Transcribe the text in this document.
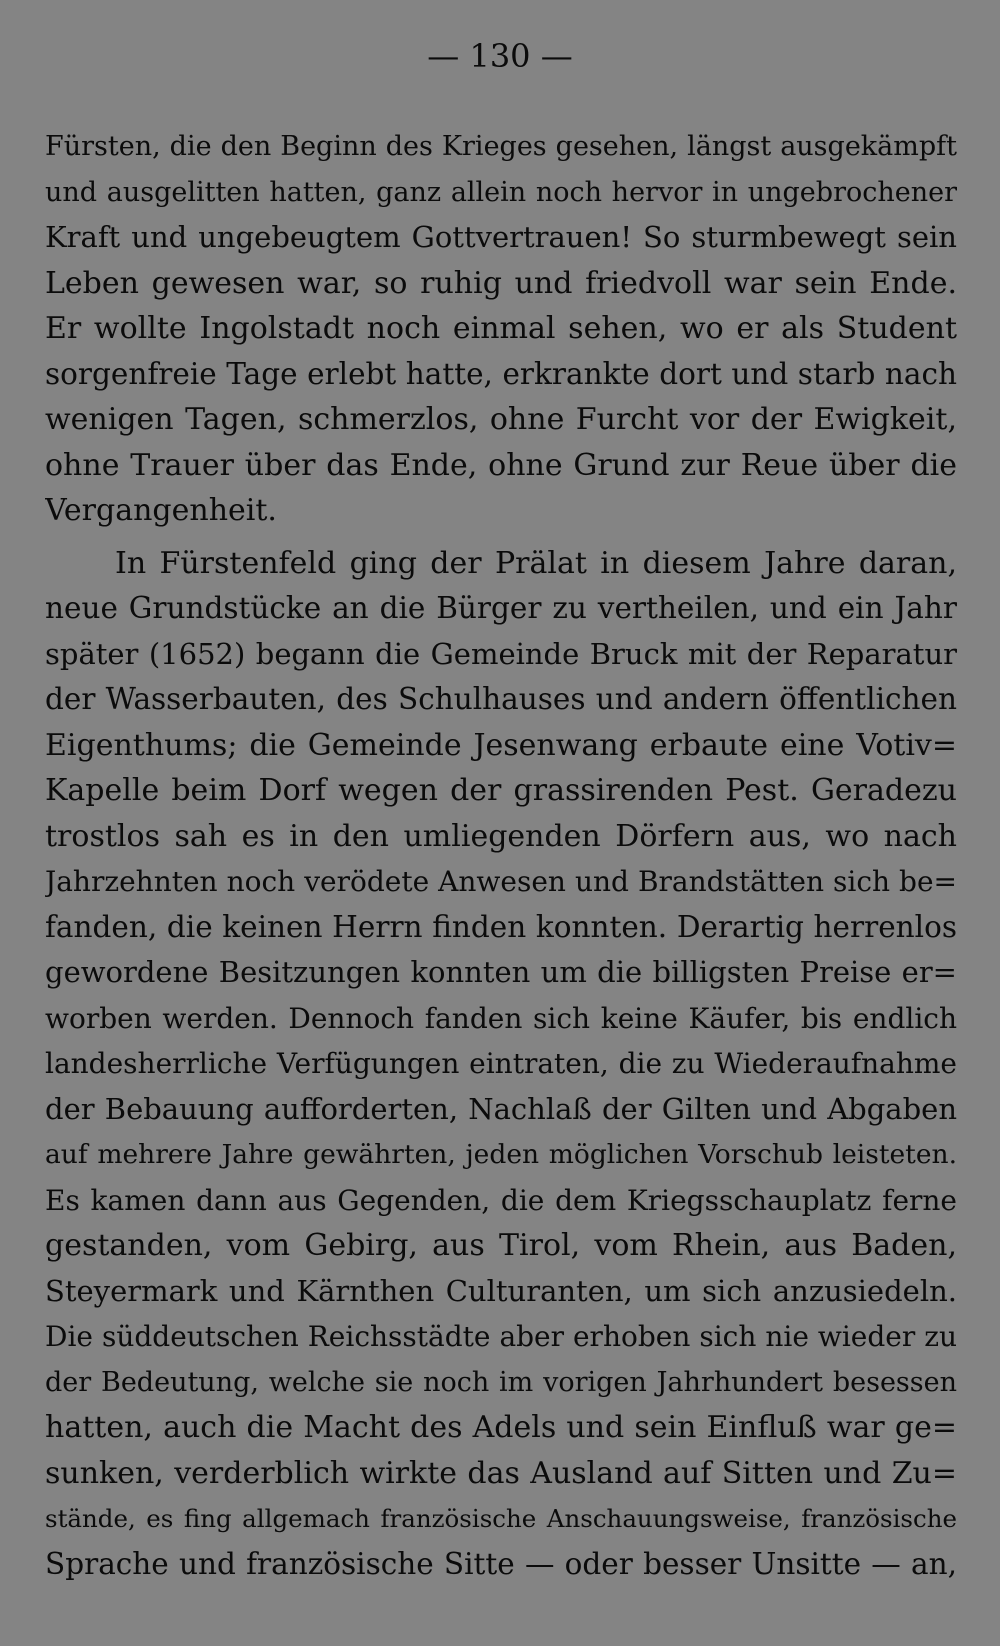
— 130 —
Fürsten, die den Beginn des Krieges gesehen, längst ausgekämpft
und ausgelitten hatten, ganz allein noch hervor in ungebrochener
Kraft und ungebeugtem Gottvertrauen! So sturmbewegt sein
Leben gewesen war, so ruhig und friedvoll war sein Ende.
Er wollte Ingolstadt noch einmal sehen, wo er als Student
sorgenfreie Tage erlebt hatte, erkrankte dort und starb nach
wenigen Tagen, schmerzlos, ohne Furcht vor der Ewigkeit,
ohne Trauer über das Ende, ohne Grund zur Reue über die
Vergangenheit.
In Fürstenfeld ging der Prälat in diesem Jahre daran,
neue Grundstücke an die Bürger zu vertheilen, und ein Jahr
später (1652) begann die Gemeinde Bruck mit der Reparatur
der Wasserbauten, des Schulhauses und andern öffentlichen
Eigenthums; die Gemeinde Jesenwang erbaute eine Votiv=
Kapelle beim Dorf wegen der grassirenden Pest. Geradezu
trostlos sah es in den umliegenden Dörfern aus, wo nach
Jahrzehnten noch verödete Anwesen und Brandstätten sich be=
fanden, die keinen Herrn finden konnten. Derartig herrenlos
gewordene Besitzungen konnten um die billigsten Preise er=
worben werden. Dennoch fanden sich keine Käufer, bis endlich
landesherrliche Verfügungen eintraten, die zu Wiederaufnahme
der Bebauung aufforderten, Nachlaß der Gilten und Abgaben
auf mehrere Jahre gewährten, jeden möglichen Vorschub leisteten.
Es kamen dann aus Gegenden, die dem Kriegsschauplatz ferne
gestanden, vom Gebirg, aus Tirol, vom Rhein, aus Baden,
Steyermark und Kärnthen Culturanten, um sich anzusiedeln.
Die süddeutschen Reichsstädte aber erhoben sich nie wieder zu
der Bedeutung, welche sie noch im vorigen Jahrhundert besessen
hatten, auch die Macht des Adels und sein Einfluß war ge=
sunken, verderblich wirkte das Ausland auf Sitten und Zu=
stände, es fing allgemach französische Anschauungsweise, französische
Sprache und französische Sitte — oder besser Unsitte — an,
